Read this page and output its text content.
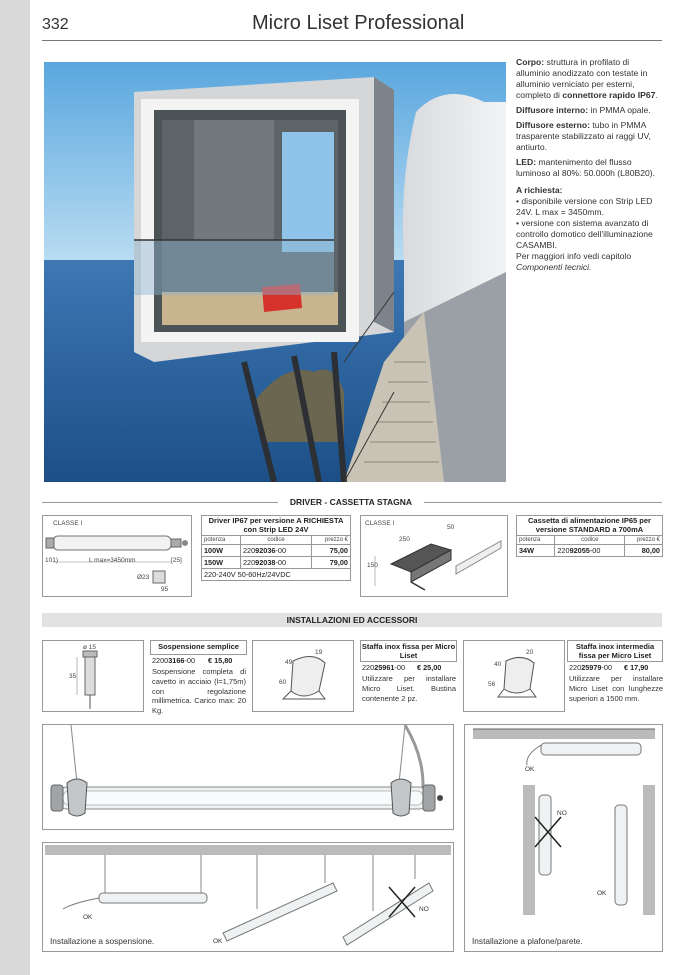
332	Micro Liset Professional

Corpo: struttura in profilato di alluminio anodizzato con testate in alluminio verniciato per esterni, completo di connettore rapido IP67.

Diffusore interno: in PMMA opale.

Diffusore esterno: tubo in PMMA trasparente stabilizzato ai raggi UV, antiurto.

LED: mantenimento del flusso luminoso al 80%: 50.000h (L80B20).

A richiesta:
• disponibile versione con Strip LED 24V. L max = 3450mm.
• versione con sistema avanzato di controllo domotico dell'illuminazione CASAMBI.
Per maggiori info vedi capitolo Componenti tecnici.

DRIVER - CASSETTA STAGNA
CLASSE I
L max=3450mm
101)	[25]
Ø23
95
Driver IP67 per versione A RICHIESTA con Strip LED 24V		
potenza	codice	prezzo €
100W	22092036-00	75,00
150W	22092038-00	79,00
220-240V 50-60Hz/24VDC		
CLASSE I
50
250
150
Cassetta di alimentazione IP65 per versione STANDARD a 700mA		
potenza	codice	prezzo €
34W	22092055-00	80,00
INSTALLAZIONI ED ACCESSORI
ø 15
35
Sospensione semplice
22003166-00 € 15,80
Sospensione completa di cavetto in acciaio (l=1,75m) con regolazione millimetrica. Carico max: 20 Kg.
19
49
60
Staffa inox fissa per Micro Liset
22025961-00 € 25,00
Utilizzare per installare Micro Liset. Bustina contenente 2 pz.
20
40
56
Staffa inox intermedia fissa per Micro Liset
22025979-00 € 17,90
Utilizzare per installare Micro Liset con lunghezze superiori a 1500 mm.
OK
NO
OK
Installazione a plafone/parete.
OK
OK
NO
Installazione a sospensione.
